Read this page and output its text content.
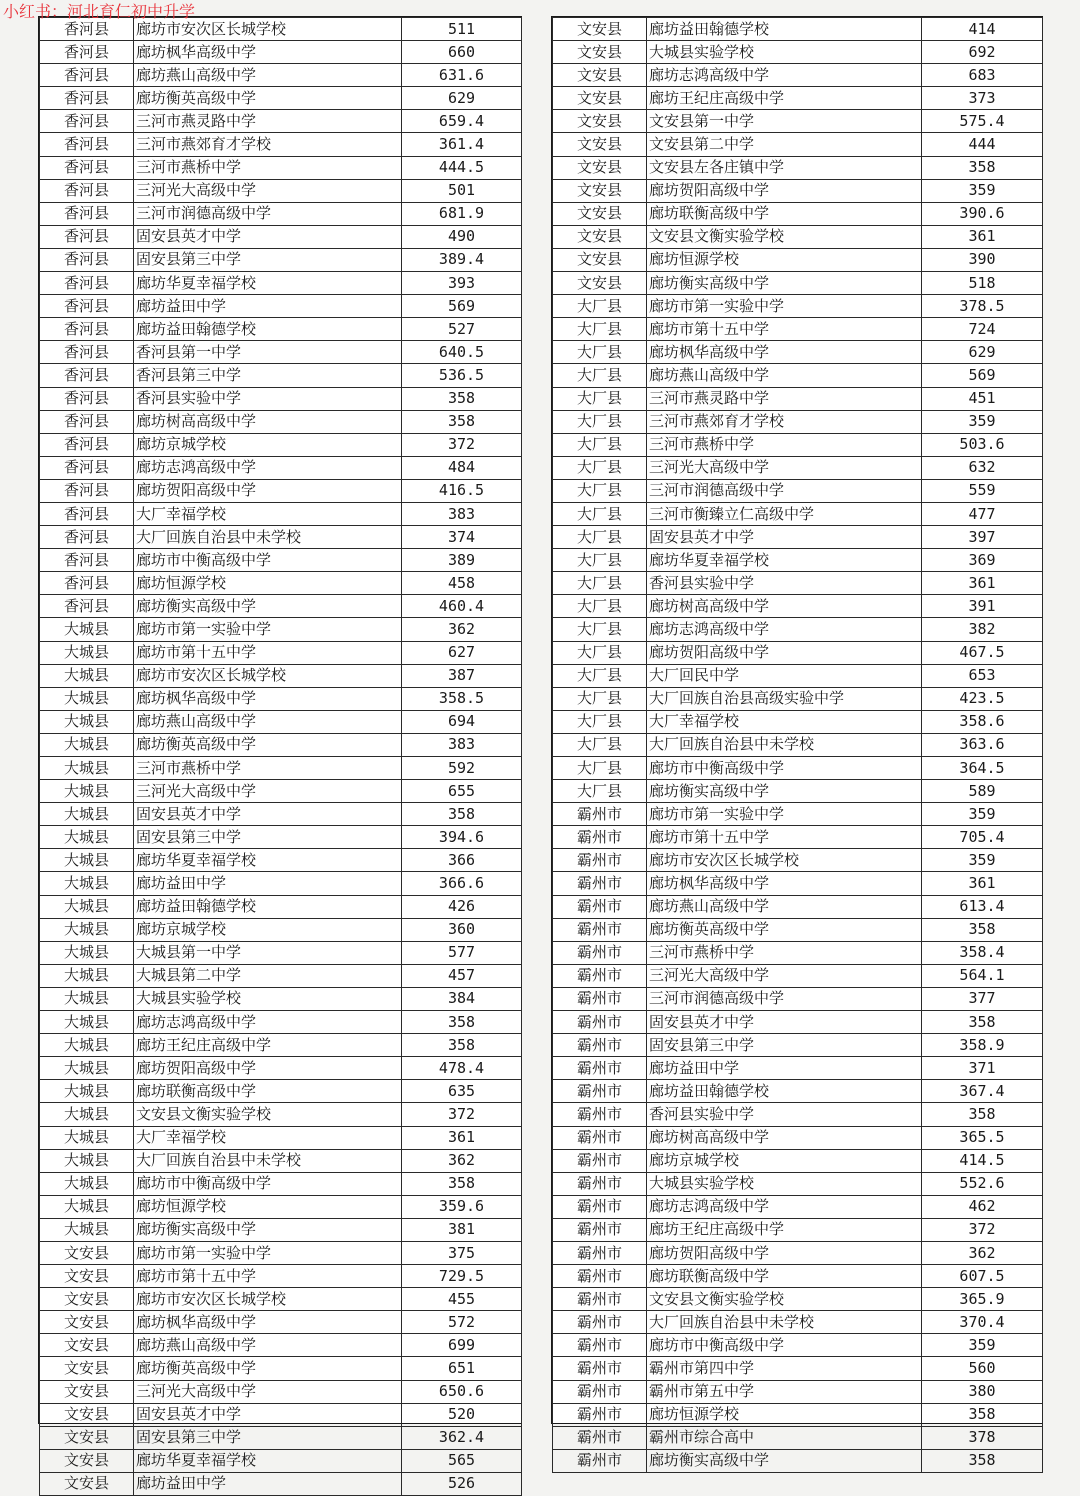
小红书：河北育仁初中升学
香河县	廊坊市安次区长城学校	511
香河县	廊坊枫华高级中学	660
香河县	廊坊燕山高级中学	631.6
香河县	廊坊衡英高级中学	629
香河县	三河市燕灵路中学	659.4
香河县	三河市燕郊育才学校	361.4
香河县	三河市燕桥中学	444.5
香河县	三河光大高级中学	501
香河县	三河市润德高级中学	681.9
香河县	固安县英才中学	490
香河县	固安县第三中学	389.4
香河县	廊坊华夏幸福学校	393
香河县	廊坊益田中学	569
香河县	廊坊益田翰德学校	527
香河县	香河县第一中学	640.5
香河县	香河县第三中学	536.5
香河县	香河县实验中学	358
香河县	廊坊树高高级中学	358
香河县	廊坊京城学校	372
香河县	廊坊志鸿高级中学	484
香河县	廊坊贺阳高级中学	416.5
香河县	大厂幸福学校	383
香河县	大厂回族自治县中未学校	374
香河县	廊坊市中衡高级中学	389
香河县	廊坊恒源学校	458
香河县	廊坊衡实高级中学	460.4
大城县	廊坊市第一实验中学	362
大城县	廊坊市第十五中学	627
大城县	廊坊市安次区长城学校	387
大城县	廊坊枫华高级中学	358.5
大城县	廊坊燕山高级中学	694
大城县	廊坊衡英高级中学	383
大城县	三河市燕桥中学	592
大城县	三河光大高级中学	655
大城县	固安县英才中学	358
大城县	固安县第三中学	394.6
大城县	廊坊华夏幸福学校	366
大城县	廊坊益田中学	366.6
大城县	廊坊益田翰德学校	426
大城县	廊坊京城学校	360
大城县	大城县第一中学	577
大城县	大城县第二中学	457
大城县	大城县实验学校	384
大城县	廊坊志鸿高级中学	358
大城县	廊坊王纪庄高级中学	358
大城县	廊坊贺阳高级中学	478.4
大城县	廊坊联衡高级中学	635
大城县	文安县文衡实验学校	372
大城县	大厂幸福学校	361
大城县	大厂回族自治县中未学校	362
大城县	廊坊市中衡高级中学	358
大城县	廊坊恒源学校	359.6
大城县	廊坊衡实高级中学	381
文安县	廊坊市第一实验中学	375
文安县	廊坊市第十五中学	729.5
文安县	廊坊市安次区长城学校	455
文安县	廊坊枫华高级中学	572
文安县	廊坊燕山高级中学	699
文安县	廊坊衡英高级中学	651
文安县	三河光大高级中学	650.6
文安县	固安县英才中学	520
文安县	固安县第三中学	362.4
文安县	廊坊华夏幸福学校	565
文安县	廊坊益田中学	526
文安县	廊坊益田翰德学校	414
文安县	大城县实验学校	692
文安县	廊坊志鸿高级中学	683
文安县	廊坊王纪庄高级中学	373
文安县	文安县第一中学	575.4
文安县	文安县第二中学	444
文安县	文安县左各庄镇中学	358
文安县	廊坊贺阳高级中学	359
文安县	廊坊联衡高级中学	390.6
文安县	文安县文衡实验学校	361
文安县	廊坊恒源学校	390
文安县	廊坊衡实高级中学	518
大厂县	廊坊市第一实验中学	378.5
大厂县	廊坊市第十五中学	724
大厂县	廊坊枫华高级中学	629
大厂县	廊坊燕山高级中学	569
大厂县	三河市燕灵路中学	451
大厂县	三河市燕郊育才学校	359
大厂县	三河市燕桥中学	503.6
大厂县	三河光大高级中学	632
大厂县	三河市润德高级中学	559
大厂县	三河市衡臻立仁高级中学	477
大厂县	固安县英才中学	397
大厂县	廊坊华夏幸福学校	369
大厂县	香河县实验中学	361
大厂县	廊坊树高高级中学	391
大厂县	廊坊志鸿高级中学	382
大厂县	廊坊贺阳高级中学	467.5
大厂县	大厂回民中学	653
大厂县	大厂回族自治县高级实验中学	423.5
大厂县	大厂幸福学校	358.6
大厂县	大厂回族自治县中未学校	363.6
大厂县	廊坊市中衡高级中学	364.5
大厂县	廊坊衡实高级中学	589
霸州市	廊坊市第一实验中学	359
霸州市	廊坊市第十五中学	705.4
霸州市	廊坊市安次区长城学校	359
霸州市	廊坊枫华高级中学	361
霸州市	廊坊燕山高级中学	613.4
霸州市	廊坊衡英高级中学	358
霸州市	三河市燕桥中学	358.4
霸州市	三河光大高级中学	564.1
霸州市	三河市润德高级中学	377
霸州市	固安县英才中学	358
霸州市	固安县第三中学	358.9
霸州市	廊坊益田中学	371
霸州市	廊坊益田翰德学校	367.4
霸州市	香河县实验中学	358
霸州市	廊坊树高高级中学	365.5
霸州市	廊坊京城学校	414.5
霸州市	大城县实验学校	552.6
霸州市	廊坊志鸿高级中学	462
霸州市	廊坊王纪庄高级中学	372
霸州市	廊坊贺阳高级中学	362
霸州市	廊坊联衡高级中学	607.5
霸州市	文安县文衡实验学校	365.9
霸州市	大厂回族自治县中未学校	370.4
霸州市	廊坊市中衡高级中学	359
霸州市	霸州市第四中学	560
霸州市	霸州市第五中学	380
霸州市	廊坊恒源学校	358
霸州市	霸州市综合高中	378
霸州市	廊坊衡实高级中学	358
